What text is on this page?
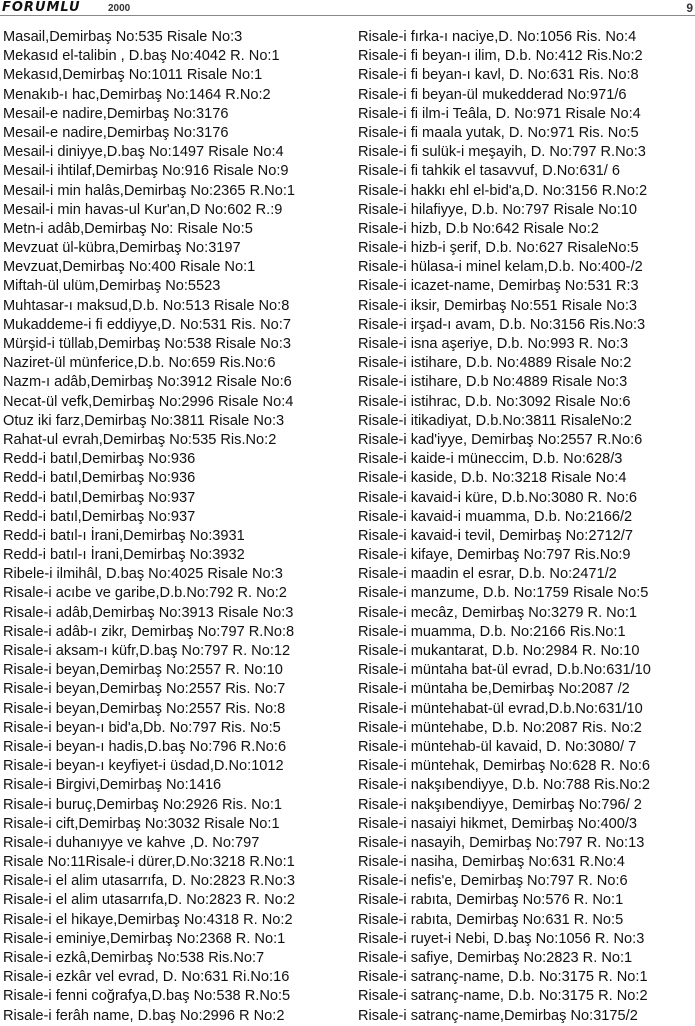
FORUMLU	2000	9
Masail,Demirbaş No:535 Risale No:3
Mekasıd el-talibin , D.baş No:4042 R. No:1
Mekasıd,Demirbaş No:1011 Risale No:1
Menakıb-ı hac,Demirbaş No:1464 R.No:2
Mesail-e nadire,Demirbaş No:3176
Mesail-e nadire,Demirbaş No:3176
Mesail-i diniyye,D.baş No:1497 Risale No:4
Mesail-i ihtilaf,Demirbaş No:916 Risale No:9
Mesail-i min halâs,Demirbaş No:2365 R.No:1
Mesail-i min havas-ul Kur'an,D No:602 R.:9
Metn-i adâb,Demirbaş No: Risale No:5
Mevzuat ül-kübra,Demirbaş No:3197
Mevzuat,Demirbaş No:400 Risale No:1
Miftah-ül ulüm,Demirbaş No:5523
Muhtasar-ı maksud,D.b. No:513 Risale No:8
Mukaddeme-i fi eddiyye,D. No:531 Ris. No:7
Mürşid-i tüllab,Demirbaş No:538 Risale No:3
Naziret-ül münferice,D.b. No:659 Ris.No:6
Nazm-ı adâb,Demirbaş No:3912 Risale No:6
Necat-ül vefk,Demirbaş No:2996 Risale No:4
Otuz iki farz,Demirbaş No:3811 Risale No:3
Rahat-ul evrah,Demirbaş No:535 Ris.No:2
Redd-i batıl,Demirbaş No:936
Redd-i batıl,Demirbaş No:936
Redd-i batıl,Demirbaş No:937
Redd-i batıl,Demirbaş No:937
Redd-i batıl-ı İrani,Demirbaş No:3931
Redd-i batıl-ı İrani,Demirbaş No:3932
Ribele-i ilmihâl, D.baş No:4025 Risale No:3
Risale-i acıbe ve garibe,D.b.No:792 R. No:2
Risale-i adâb,Demirbaş No:3913 Risale No:3
Risale-i adâb-ı zikr, Demirbaş No:797 R.No:8
Risale-i aksam-ı küfr,D.baş No:797 R. No:12
Risale-i beyan,Demirbaş No:2557 R. No:10
Risale-i beyan,Demirbaş No:2557 Ris. No:7
Risale-i beyan,Demirbaş No:2557 Ris. No:8
Risale-i beyan-ı bid'a,Db. No:797 Ris. No:5
Risale-i beyan-ı hadis,D.baş No:796 R.No:6
Risale-i beyan-ı keyfiyet-i üsdad,D.No:1012
Risale-i Birgivi,Demirbaş No:1416
Risale-i buruç,Demirbaş No:2926 Ris. No:1
Risale-i cift,Demirbaş No:3032 Risale No:1
Risale-i duhanıyye ve kahve ,D. No:797
Risale No:11Risale-i dürer,D.No:3218 R.No:1
Risale-i el alim utasarrıfa, D. No:2823 R.No:3
Risale-i el alim utasarrıfa,D. No:2823 R. No:2
Risale-i el hikaye,Demirbaş No:4318 R. No:2
Risale-i eminiye,Demirbaş No:2368 R. No:1
Risale-i ezkâ,Demirbaş No:538 Ris.No:7
Risale-i ezkâr vel evrad, D. No:631 Ri.No:16
Risale-i fenni coğrafya,D.baş No:538 R.No:5
Risale-i ferâh name, D.baş No:2996 R No:2
Risale-i fırka-ı naciye,D. No:1056 Ris. No:4
Risale-i fi beyan-ı ilim, D.b. No:412 Ris.No:2
Risale-i fi beyan-ı kavl, D. No:631 Ris. No:8
Risale-i fi beyan-ül mukedderad No:971/6
Risale-i fi ilm-i Teâla, D. No:971 Risale No:4
Risale-i fi maala yutak, D. No:971 Ris. No:5
Risale-i fi sulük-i meşayih, D. No:797 R.No:3
Risale-i fi tahkik el tasavvuf, D.No:631/ 6
Risale-i hakkı ehl el-bid'a,D. No:3156 R.No:2
Risale-i hilafiyye, D.b. No:797 Risale No:10
Risale-i hizb, D.b No:642 Risale No:2
Risale-i hizb-i şerif, D.b. No:627 RisaleNo:5
Risale-i hülasa-i minel kelam,D.b. No:400-/2
Risale-i icazet-name, Demirbaş No:531 R:3
Risale-i iksir, Demirbaş No:551 Risale No:3
Risale-i irşad-ı avam, D.b. No:3156 Ris.No:3
Risale-i isna aşeriye, D.b. No:993 R. No:3
Risale-i istihare, D.b. No:4889 Risale No:2
Risale-i istihare, D.b No:4889 Risale No:3
Risale-i istihrac, D.b. No:3092 Risale No:6
Risale-i itikadiyat, D.b.No:3811 RisaleNo:2
Risale-i kad'iyye, Demirbaş No:2557 R.No:6
Risale-i kaide-i müneccim, D.b. No:628/3
Risale-i kaside, D.b. No:3218 Risale No:4
Risale-i kavaid-i küre, D.b.No:3080 R. No:6
Risale-i kavaid-i muamma, D.b. No:2166/2
Risale-i kavaid-i tevil, Demirbaş No:2712/7
Risale-i kifaye, Demirbaş No:797 Ris.No:9
Risale-i maadin el esrar, D.b. No:2471/2
Risale-i manzume, D.b. No:1759 Risale No:5
Risale-i mecâz, Demirbaş No:3279 R. No:1
Risale-i muamma, D.b. No:2166 Ris.No:1
Risale-i mukantarat, D.b. No:2984 R. No:10
Risale-i müntaha bat-ül evrad, D.b.No:631/10
Risale-i müntaha be,Demirbaş No:2087 /2
Risale-i müntehabat-ül evrad,D.b.No:631/10
Risale-i müntehabe, D.b. No:2087 Ris. No:2
Risale-i müntehab-ül kavaid, D. No:3080/ 7
Risale-i müntehak, Demirbaş No:628 R. No:6
Risale-i nakşıbendiyye, D.b. No:788 Ris.No:2
Risale-i nakşıbendiyye, Demirbaş No:796/ 2
Risale-i nasaiyi hikmet, Demirbaş No:400/3
Risale-i nasayih, Demirbaş No:797 R. No:13
Risale-i nasiha, Demirbaş No:631 R.No:4
Risale-i nefis'e, Demirbaş No:797 R. No:6
Risale-i rabıta, Demirbaş No:576 R. No:1
Risale-i rabıta, Demirbaş No:631 R. No:5
Risale-i ruyet-i Nebi, D.baş No:1056 R. No:3
Risale-i safiye, Demirbaş No:2823 R. No:1
Risale-i satranç-name, D.b. No:3175 R. No:1
Risale-i satranç-name, D.b. No:3175 R. No:2
Risale-i satranç-name,Demirbaş No:3175/2
